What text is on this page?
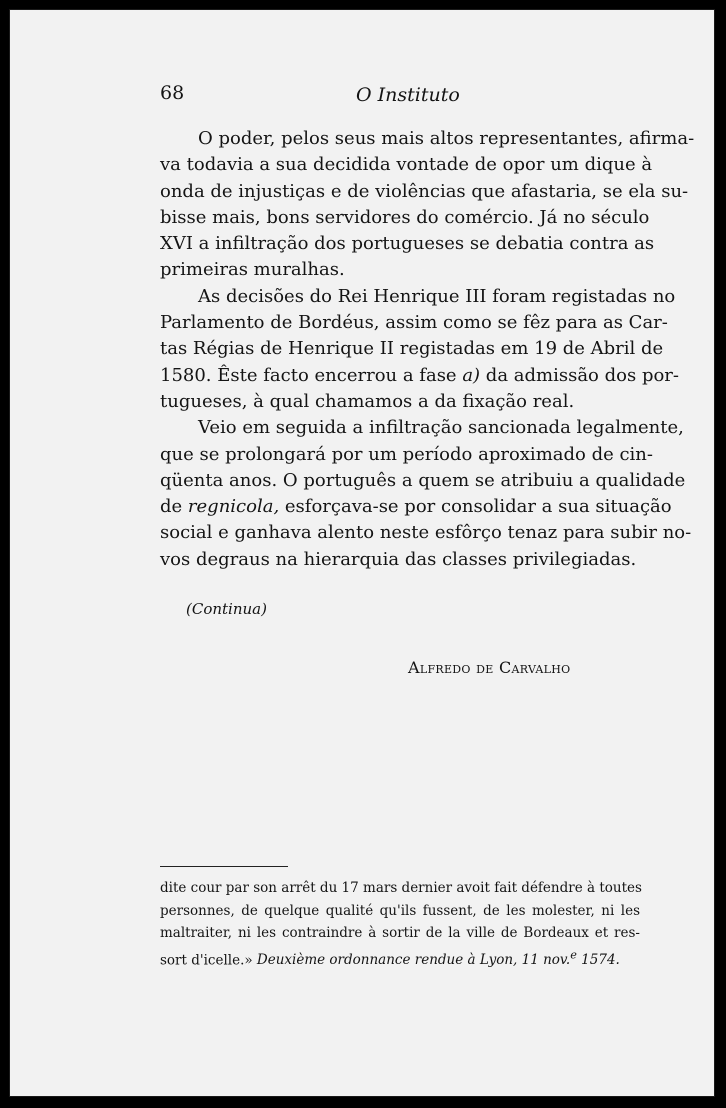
68	O Instituto
O poder, pelos seus mais altos representantes, afirma-
va todavia a sua decidida vontade de opor um dique à
onda de injustiças e de violências que afastaria, se ela su-
bisse mais, bons servidores do comércio. Já no século
XVI a infiltração dos portugueses se debatia contra as
primeiras muralhas.
As decisões do Rei Henrique III foram registadas no
Parlamento de Bordéus, assim como se fêz para as Car-
tas Régias de Henrique II registadas em 19 de Abril de
1580. Êste facto encerrou a fase a) da admissão dos por-
tugueses, à qual chamamos a da fixação real.
Veio em seguida a infiltração sancionada legalmente,
que se prolongará por um período aproximado de cin-
qüenta anos. O português a quem se atribuiu a qualidade
de regnicola, esforçava-se por consolidar a sua situação
social e ganhava alento neste esfôrço tenaz para subir no-
vos degraus na hierarquia das classes privilegiadas.
(Continua)
Alfredo de Carvalho
dite cour par son arrêt du 17 mars dernier avoit fait défendre à toutes
personnes, de quelque qualité qu'ils fussent, de les molester, ni les
maltraiter, ni les contraindre à sortir de la ville de Bordeaux et res-
sort d'icelle.» Deuxième ordonnance rendue à Lyon, 11 nov.$^e$ 1574.
